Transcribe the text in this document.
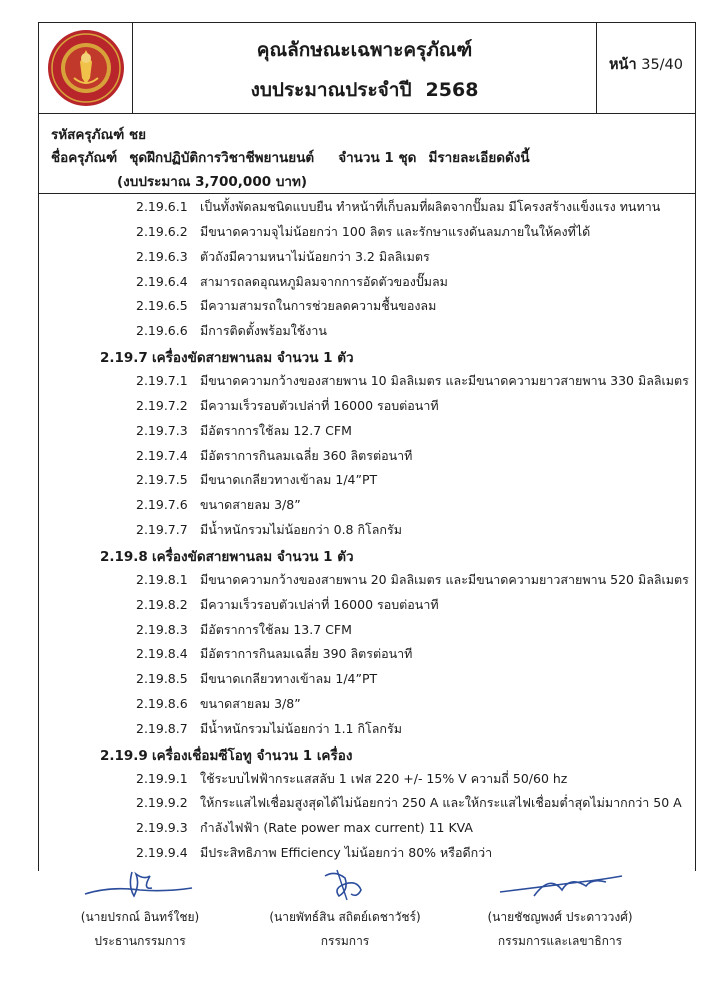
คุณลักษณะเฉพาะครุภัณฑ์
งบประมาณประจำปี 2568
หน้า 35/40
รหัสครุภัณฑ์ ชย
ชื่อครุภัณฑ์ ชุดฝึกปฏิบัติการวิชาชีพยานยนต์ จำนวน 1 ชุด มีรายละเอียดดังนี้
(งบประมาณ 3,700,000 บาท)
2.19.6.1 เป็นทั้งพัดลมชนิดแบบยืน ทำหน้าที่เก็บลมที่ผลิตจากปั๊มลม มีโครงสร้างแข็งแรง ทนทาน
2.19.6.2 มีขนาดความจุไม่น้อยกว่า 100 ลิตร และรักษาแรงดันลมภายในให้คงที่ได้
2.19.6.3 ตัวถังมีความหนาไม่น้อยกว่า 3.2 มิลลิเมตร
2.19.6.4 สามารถลดอุณหภูมิลมจากการอัดตัวของปั๊มลม
2.19.6.5 มีความสามรถในการช่วยลดความชื้นของลม
2.19.6.6 มีการติดตั้งพร้อมใช้งาน
2.19.7 เครื่องขัดสายพานลม จำนวน 1 ตัว
2.19.7.1 มีขนาดความกว้างของสายพาน 10 มิลลิเมตร และมีขนาดความยาวสายพาน 330 มิลลิเมตร
2.19.7.2 มีความเร็วรอบตัวเปล่าที่ 16000 รอบต่อนาที
2.19.7.3 มีอัตราการใช้ลม 12.7 CFM
2.19.7.4 มีอัตราการกินลมเฉลี่ย 360 ลิตรต่อนาที
2.19.7.5 มีขนาดเกลียวทางเข้าลม 1/4”PT
2.19.7.6 ขนาดสายลม 3/8”
2.19.7.7 มีน้ำหนักรวมไม่น้อยกว่า 0.8 กิโลกรัม
2.19.8 เครื่องขัดสายพานลม จำนวน 1 ตัว
2.19.8.1 มีขนาดความกว้างของสายพาน 20 มิลลิเมตร และมีขนาดความยาวสายพาน 520 มิลลิเมตร
2.19.8.2 มีความเร็วรอบตัวเปล่าที่ 16000 รอบต่อนาที
2.19.8.3 มีอัตราการใช้ลม 13.7 CFM
2.19.8.4 มีอัตราการกินลมเฉลี่ย 390 ลิตรต่อนาที
2.19.8.5 มีขนาดเกลียวทางเข้าลม 1/4”PT
2.19.8.6 ขนาดสายลม 3/8”
2.19.8.7 มีน้ำหนักรวมไม่น้อยกว่า 1.1 กิโลกรัม
2.19.9 เครื่องเชื่อมซีโอทู จำนวน 1 เครื่อง
2.19.9.1 ใช้ระบบไฟฟ้ากระแสสลับ 1 เฟส 220 +/- 15% V ความถี่ 50/60 hz
2.19.9.2 ให้กระแสไฟเชื่อมสูงสุดได้ไม่น้อยกว่า 250 A และให้กระแสไฟเชื่อมต่ำสุดไม่มากกว่า 50 A
2.19.9.3 กำลังไฟฟ้า (Rate power max current) 11 KVA
2.19.9.4 มีประสิทธิภาพ Efficiency ไม่น้อยกว่า 80% หรือดีกว่า
(นายปรกณ์ อินทร์ใชย)
ประธานกรรมการ
(นายพัทธ์สิน สถิตย์เดชาวัชร์)
กรรมการ
(นายชัชญพงศ์ ประดาววงศ์)
กรรมการและเลขาธิการ
